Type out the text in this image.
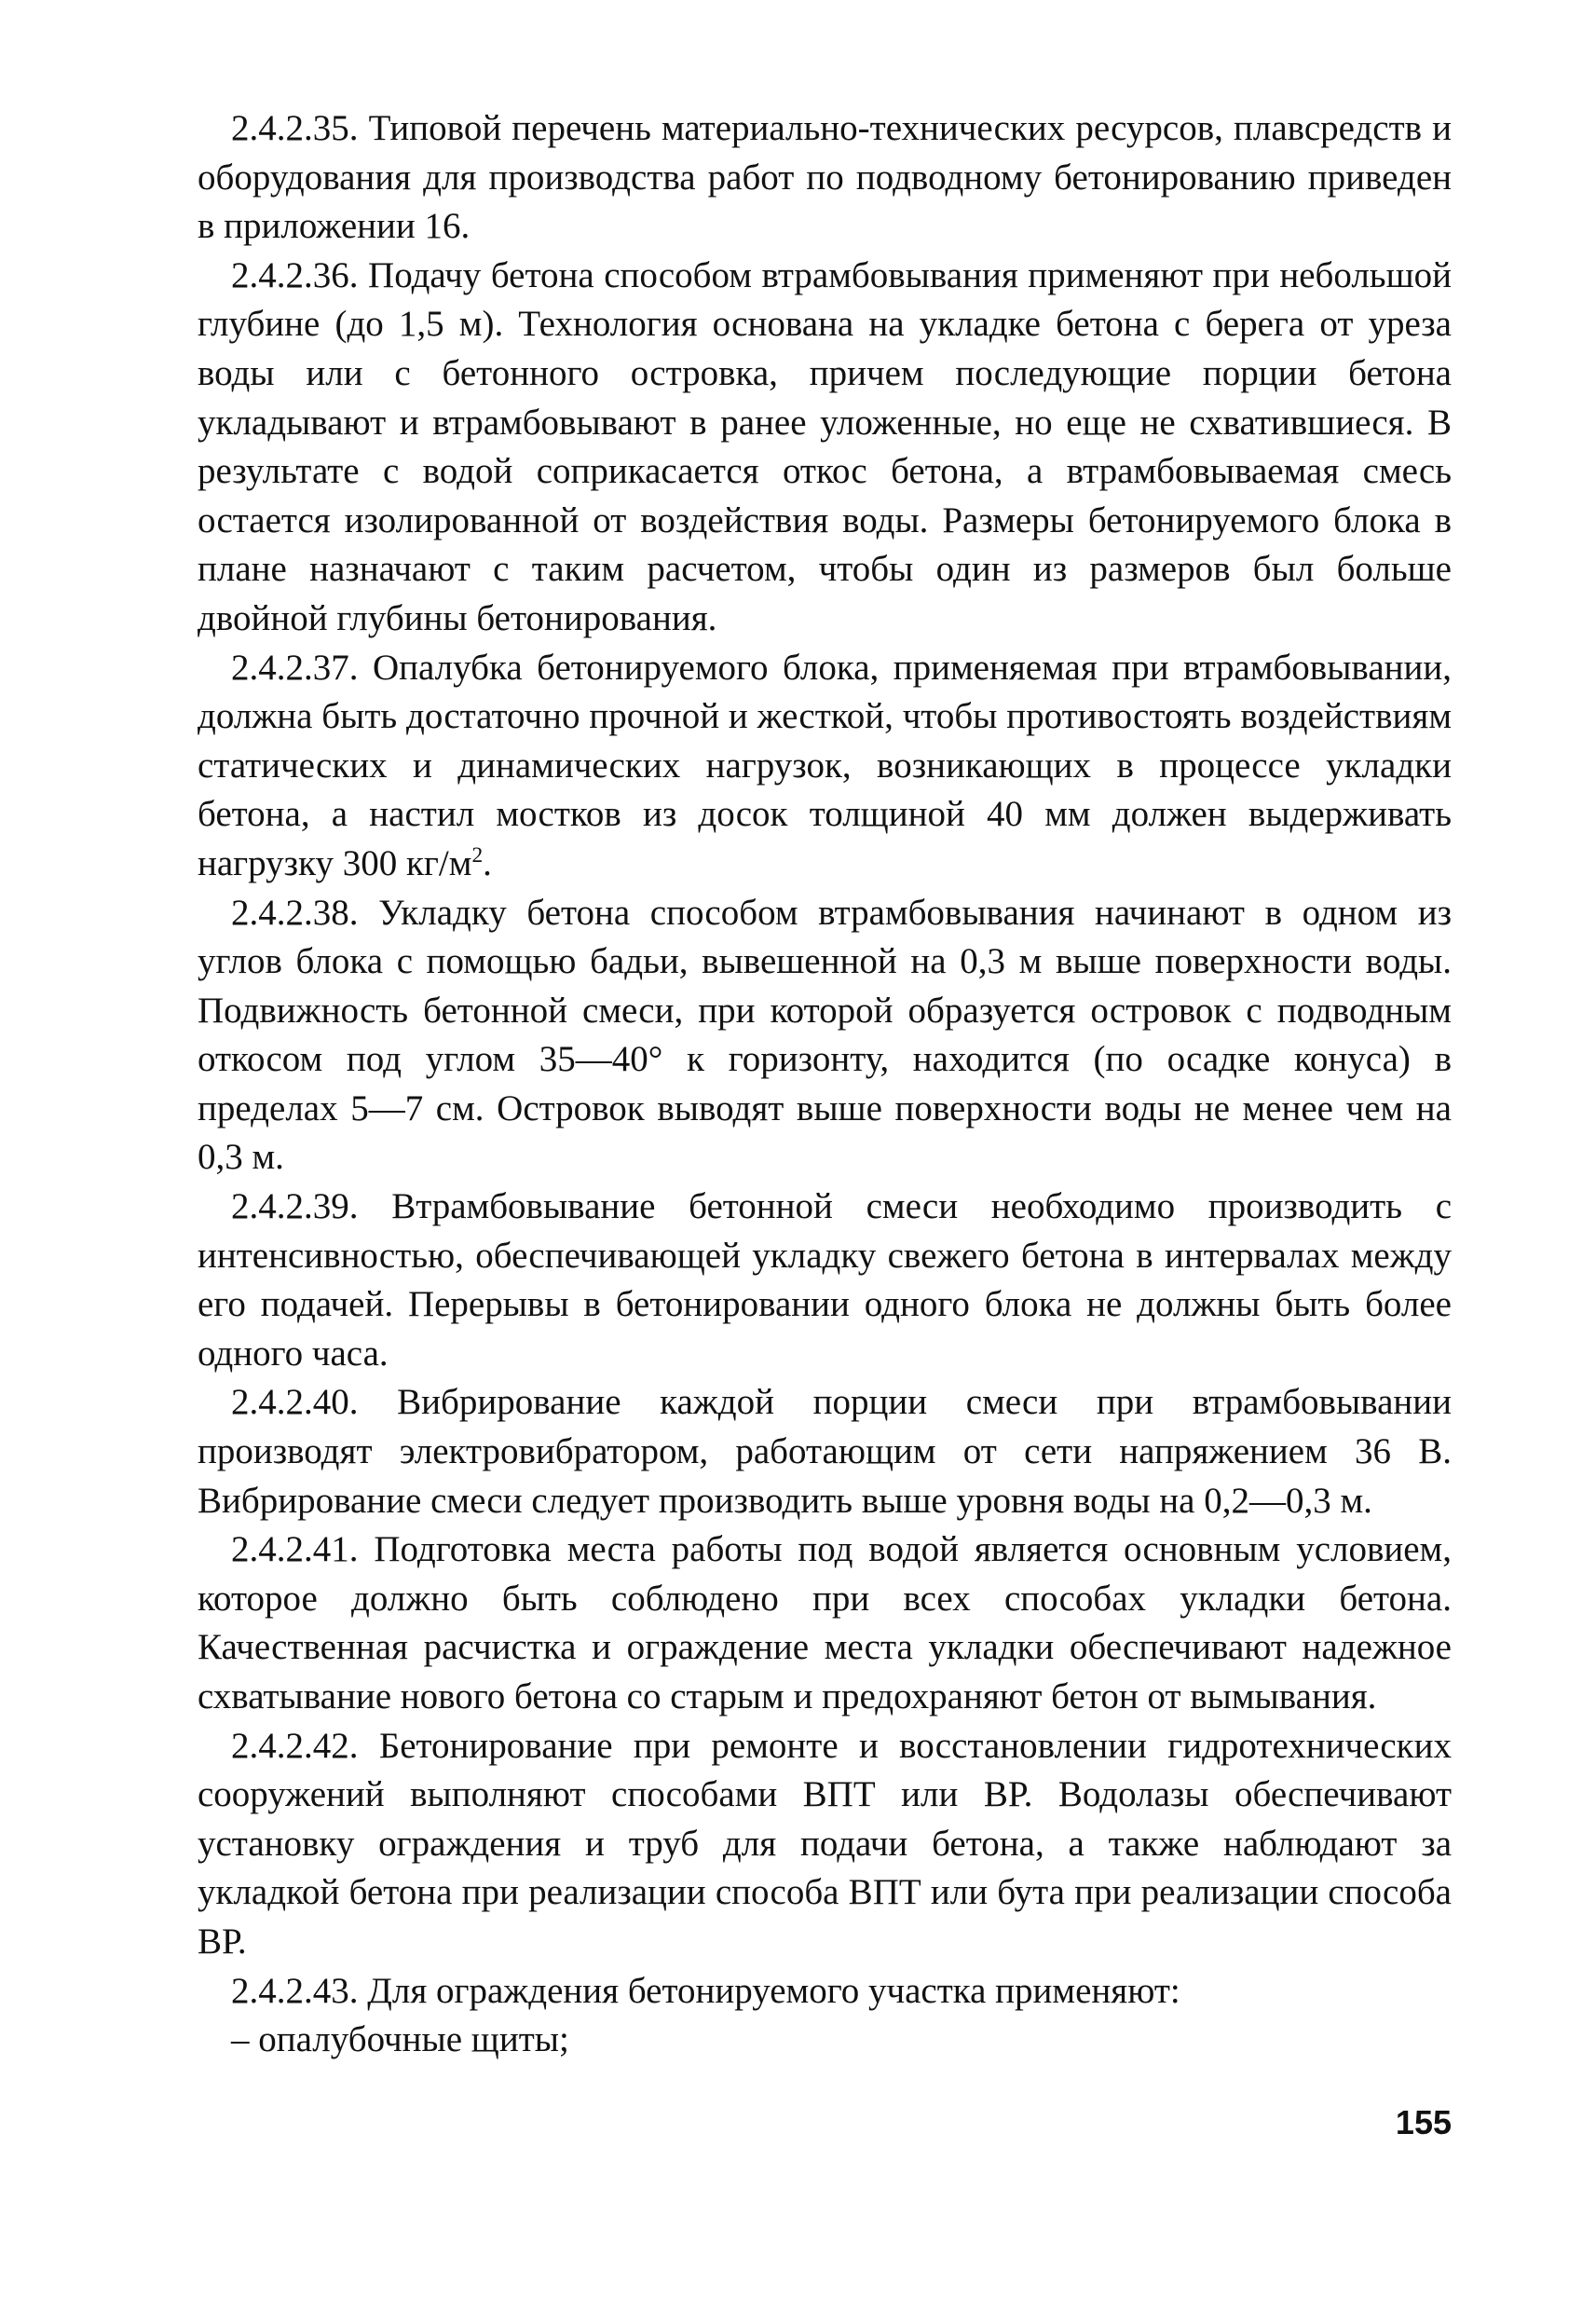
2.4.2.35. Типовой перечень материально-технических ресурсов, плавсредств и оборудования для производства работ по подводному бетонированию приведен в приложении 16.

2.4.2.36. Подачу бетона способом втрамбовывания применяют при небольшой глубине (до 1,5 м). Технология основана на укладке бетона с берега от уреза воды или с бетонного островка, причем последующие порции бетона укладывают и втрамбовывают в ранее уложенные, но еще не схватившиеся. В результате с водой соприкасается откос бетона, а втрамбовываемая смесь остается изолированной от воздействия воды. Размеры бетонируемого блока в плане назначают с таким расчетом, чтобы один из размеров был больше двойной глубины бетонирования.

2.4.2.37. Опалубка бетонируемого блока, применяемая при втрамбовывании, должна быть достаточно прочной и жесткой, чтобы противостоять воздействиям статических и динамических нагрузок, возникающих в процессе укладки бетона, а настил мостков из досок толщиной 40 мм должен выдерживать нагрузку 300 $кг/м^2$.

2.4.2.38. Укладку бетона способом втрамбовывания начинают в одном из углов блока с помощью бадьи, вывешенной на 0,3 м выше поверхности воды. Подвижность бетонной смеси, при которой образуется островок с подводным откосом под углом 35—40° к горизонту, находится (по осадке конуса) в пределах 5—7 см. Островок выводят выше поверхности воды не менее чем на 0,3 м.

2.4.2.39. Втрамбовывание бетонной смеси необходимо производить с интенсивностью, обеспечивающей укладку свежего бетона в интервалах между его подачей. Перерывы в бетонировании одного блока не должны быть более одного часа.

2.4.2.40. Вибрирование каждой порции смеси при втрамбовывании производят электровибратором, работающим от сети напряжением 36 В. Вибрирование смеси следует производить выше уровня воды на 0,2—0,3 м.

2.4.2.41. Подготовка места работы под водой является основным условием, которое должно быть соблюдено при всех способах укладки бетона. Качественная расчистка и ограждение места укладки обеспечивают надежное схватывание нового бетона со старым и предохраняют бетон от вымывания.

2.4.2.42. Бетонирование при ремонте и восстановлении гидротехнических сооружений выполняют способами ВПТ или ВР. Водолазы обеспечивают установку ограждения и труб для подачи бетона, а также наблюдают за укладкой бетона при реализации способа ВПТ или бута при реализации способа ВР.

2.4.2.43. Для ограждения бетонируемого участка применяют:

– опалубочные щиты;

155
